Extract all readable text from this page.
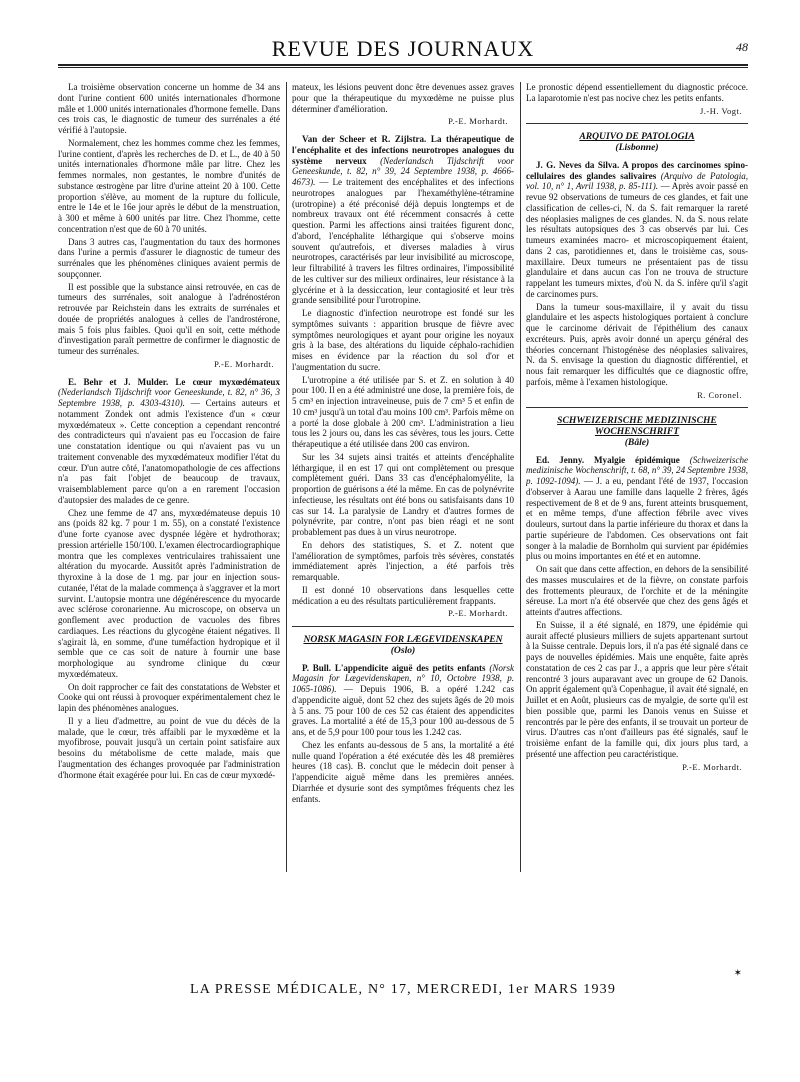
REVUE DES JOURNAUX	48

La troisième observation concerne un homme de 34 ans dont l'urine contient 600 unités internationales d'hormone mâle et 1.000 unités internationales d'hormone femelle. Dans ces trois cas, le diagnostic de tumeur des surrénales a été vérifié à l'autopsie.

Normalement, chez les hommes comme chez les femmes, l'urine contient, d'après les recherches de D. et L., de 40 à 50 unités internationales d'hormone mâle par litre. Chez les femmes normales, non gestantes, le nombre d'unités de substance œstrogène par litre d'urine atteint 20 à 100. Cette proportion s'élève, au moment de la rupture du follicule, entre le 14e et le 16e jour après le début de la menstruation, à 300 et même à 600 unités par litre. Chez l'homme, cette concentration n'est que de 60 à 70 unités.

Dans 3 autres cas, l'augmentation du taux des hormones dans l'urine a permis d'assurer le diagnostic de tumeur des surrénales que les phénomènes cliniques avaient permis de soupçonner.

Il est possible que la substance ainsi retrouvée, en cas de tumeurs des surrénales, soit analogue à l'adrénostéron retrouvée par Reichstein dans les extraits de surrénales et douée de propriétés analogues à celles de l'androstérone, mais 5 fois plus faibles. Quoi qu'il en soit, cette méthode d'investigation paraît permettre de confirmer le diagnostic de tumeur des surrénales.

P.-E. Morhardt.

E. Behr et J. Mulder. Le cœur myxœdémateux (Nederlandsch Tijdschrift voor Geneeskunde, t. 82, n° 36, 3 Septembre 1938, p. 4303-4310). — Certains auteurs et notamment Zondek ont admis l'existence d'un « cœur myxœdémateux ». Cette conception a cependant rencontré des contradicteurs qui n'avaient pas eu l'occasion de faire une constatation identique ou qui n'avaient pas vu un traitement convenable des myxœdémateux modifier l'état du cœur. D'un autre côté, l'anatomopathologie de ces affections n'a pas fait l'objet de beaucoup de travaux, vraisemblablement parce qu'on a en rarement l'occasion d'autopsier des malades de ce genre.

Chez une femme de 47 ans, myxœdémateuse depuis 10 ans (poids 82 kg. 7 pour 1 m. 55), on a constaté l'existence d'une forte cyanose avec dyspnée légère et hydrothorax; pression artérielle 150/100. L'examen électrocardiographique montra que les complexes ventriculaires trahissaient une altération du myocarde. Aussitôt après l'administration de thyroxine à la dose de 1 mg. par jour en injection sous-cutanée, l'état de la malade commença à s'aggraver et la mort survint. L'autopsie montra une dégénérescence du myocarde avec sclérose coronarienne. Au microscope, on observa un gonflement avec production de vacuoles des fibres cardiaques. Les réactions du glycogène étaient négatives. Il s'agirait là, en somme, d'une tuméfaction hydropique et il semble que ce cas soit de nature à fournir une base morphologique au syndrome clinique du cœur myxœdémateux.

On doit rapprocher ce fait des constatations de Webster et Cooke qui ont réussi à provoquer expérimentalement chez le lapin des phénomènes analogues.

Il y a lieu d'admettre, au point de vue du décès de la malade, que le cœur, très affaibli par le myxœdème et la myofibrose, pouvait jusqu'à un certain point satisfaire aux besoins du métabolisme de cette malade, mais que l'augmentation des échanges provoquée par l'administration d'hormone était exagérée pour lui. En cas de cœur myxœdé-

mateux, les lésions peuvent donc être devenues assez graves pour que la thérapeutique du myxœdème ne puisse plus déterminer d'amélioration.

P.-E. Morhardt.

Van der Scheer et R. Zijlstra. La thérapeutique de l'encéphalite et des infections neurotropes analogues du système nerveux (Nederlandsch Tijdschrift voor Geneeskunde, t. 82, n° 39, 24 Septembre 1938, p. 4666-4673). — Le traitement des encéphalites et des infections neurotropes analogues par l'hexaméthylène-tétramine (urotropine) a été préconisé déjà depuis longtemps et de nombreux travaux ont été récemment consacrés à cette question. Parmi les affections ainsi traitées figurent donc, d'abord, l'encéphalite léthargique qui s'observe moins souvent qu'autrefois, et diverses maladies à virus neurotropes, caractérisés par leur invisibilité au microscope, leur filtrabilité à travers les filtres ordinaires, l'impossibilité de les cultiver sur des milieux ordinaires, leur résistance à la glycérine et à la dessiccation, leur contagiosité et leur très grande sensibilité pour l'urotropine.

Le diagnostic d'infection neurotrope est fondé sur les symptômes suivants : apparition brusque de fièvre avec symptômes neurologiques et ayant pour origine les noyaux gris à la base, des altérations du liquide céphalo-rachidien mises en évidence par la réaction du sol d'or et l'augmentation du sucre.

L'urotropine a été utilisée par S. et Z. en solution à 40 pour 100. Il en a été administré une dose, la première fois, de 5 cm³ en injection intraveineuse, puis de 7 cm³ 5 et enfin de 10 cm³ jusqu'à un total d'au moins 100 cm³. Parfois même on a porté la dose globale à 200 cm³. L'administration a lieu tous les 2 jours ou, dans les cas sévères, tous les jours. Cette thérapeutique a été utilisée dans 200 cas environ.

Sur les 34 sujets ainsi traités et atteints d'encéphalite léthargique, il en est 17 qui ont complètement ou presque complètement guéri. Dans 33 cas d'encéphalomyélite, la proportion de guérisons a été la même. En cas de polynévrite infectieuse, les résultats ont été bons ou satisfaisants dans 10 cas sur 14. La paralysie de Landry et d'autres formes de polynévrite, par contre, n'ont pas bien réagi et ne sont probablement pas dues à un virus neurotrope.

En dehors des statistiques, S. et Z. notent que l'amélioration de symptômes, parfois très sévères, constatés immédiatement après l'injection, a été parfois très remarquable.

Il est donné 10 observations dans lesquelles cette médication a eu des résultats particulièrement frappants.

P.-E. Morhardt.
NORSK MAGASIN FOR LÆGEVIDENSKAPEN
(Oslo)

P. Bull. L'appendicite aiguë des petits enfants (Norsk Magasin for Lægevidenskapen, n° 10, Octobre 1938, p. 1065-1086). — Depuis 1906, B. a opéré 1.242 cas d'appendicite aiguë, dont 52 chez des sujets âgés de 20 mois à 5 ans. 75 pour 100 de ces 52 cas étaient des appendicites graves. La mortalité a été de 15,3 pour 100 au-dessous de 5 ans, et de 5,9 pour 100 pour tous les 1.242 cas.

Chez les enfants au-dessous de 5 ans, la mortalité a été nulle quand l'opération a été exécutée dès les 48 premières heures (18 cas). B. conclut que le médecin doit penser à l'appendicite aiguë même dans les premières années. Diarrhée et dysurie sont des symptômes fréquents chez les enfants.

Le pronostic dépend essentiellement du diagnostic précoce. La laparotomie n'est pas nocive chez les petits enfants.

J.-H. Vogt.
ARQUIVO DE PATOLOGIA
(Lisbonne)

J. G. Neves da Silva. A propos des carcinomes spino-cellulaires des glandes salivaires (Arquivo de Patologia, vol. 10, n° 1, Avril 1938, p. 85-111). — Après avoir passé en revue 92 observations de tumeurs de ces glandes, et fait une classification de celles-ci, N. da S. fait remarquer la rareté des néoplasies malignes de ces glandes. N. da S. nous relate les résultats autopsiques des 3 cas observés par lui. Ces tumeurs examinées macro- et microscopiquement étaient, dans 2 cas, parotidiennes et, dans le troisième cas, sous-maxillaire. Deux tumeurs ne présentaient pas de tissu glandulaire et dans aucun cas l'on ne trouva de structure rappelant les tumeurs mixtes, d'où N. da S. infère qu'il s'agit de carcinomes purs.

Dans la tumeur sous-maxillaire, il y avait du tissu glandulaire et les aspects histologiques portaient à conclure que le carcinome dérivait de l'épithélium des canaux excréteurs. Puis, après avoir donné un aperçu général des théories concernant l'histogénèse des néoplasies salivaires, N. da S. envisage la question du diagnostic différentiel, et nous fait remarquer les difficultés que ce diagnostic offre, parfois, même à l'examen histologique.

R. Coronel.
SCHWEIZERISCHE MEDIZINISCHE WOCHENSCHRIFT
(Bâle)

Ed. Jenny. Myalgie épidémique (Schweizerische medizinische Wochenschrift, t. 68, n° 39, 24 Septembre 1938, p. 1092-1094). — J. a eu, pendant l'été de 1937, l'occasion d'observer à Aarau une famille dans laquelle 2 frères, âgés respectivement de 8 et de 9 ans, furent atteints brusquement, et en même temps, d'une affection fébrile avec vives douleurs, surtout dans la partie inférieure du thorax et dans la partie supérieure de l'abdomen. Ces observations ont fait songer à la maladie de Bornholm qui survient par épidémies plus ou moins importantes en été et en automne.

On sait que dans cette affection, en dehors de la sensibilité des masses musculaires et de la fièvre, on constate parfois des frottements pleuraux, de l'orchite et de la méningite séreuse. La mort n'a été observée que chez des gens âgés et atteints d'autres affections.

En Suisse, il a été signalé, en 1879, une épidémie qui aurait affecté plusieurs milliers de sujets appartenant surtout à la Suisse centrale. Depuis lors, il n'a pas été signalé dans ce pays de nouvelles épidémies. Mais une enquête, faite après constatation de ces 2 cas par J., a appris que leur père s'était rencontré 3 jours auparavant avec un groupe de 62 Danois. On apprit également qu'à Copenhague, il avait été signalé, en Juillet et en Août, plusieurs cas de myalgie, de sorte qu'il est bien possible que, parmi les Danois venus en Suisse et rencontrés par le père des enfants, il se trouvait un porteur de virus. D'autres cas n'ont d'ailleurs pas été signalés, sauf le troisième enfant de la famille qui, dix jours plus tard, a présenté une affection peu caractéristique.

P.-E. Morhardt.
✶
LA PRESSE MÉDICALE, N° 17, MERCREDI, 1er MARS 1939
